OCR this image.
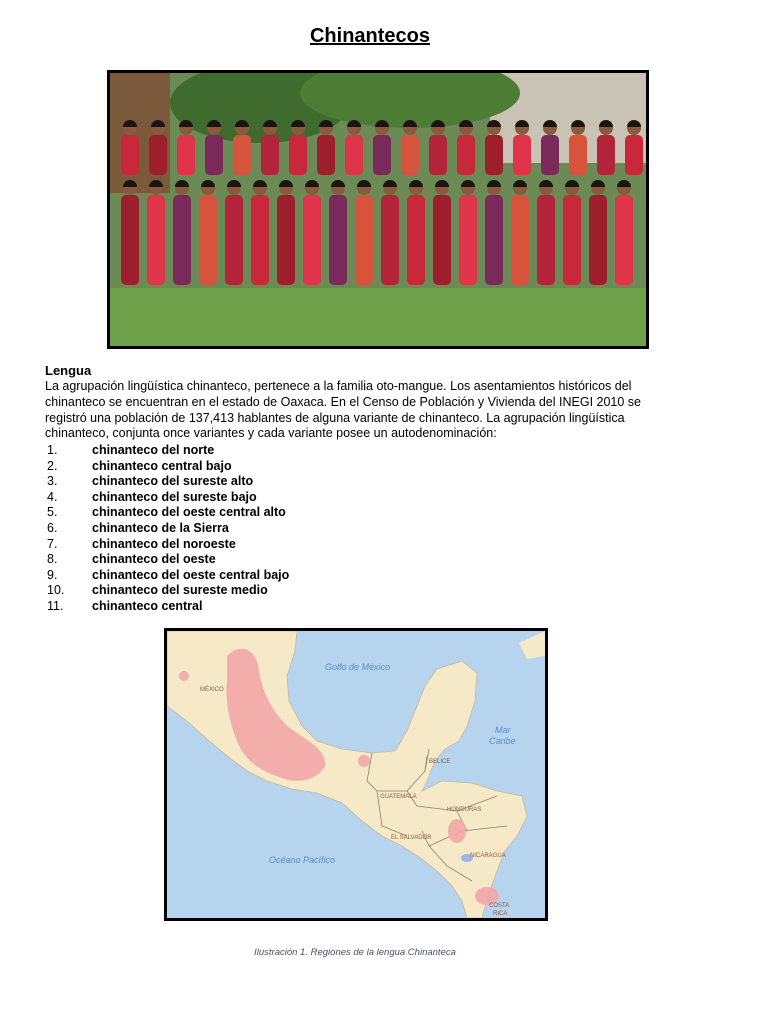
Chinantecos
Lengua

La agrupación lingüística chinanteco, pertenece a la familia oto-mangue. Los asentamientos históricos del chinanteco se encuentran en el estado de Oaxaca. En el Censo de Población y Vivienda del INEGI 2010 se registró una población de 137,413 hablantes de alguna variante de chinanteco. La agrupación lingüística chinanteco, conjunta once variantes y cada variante posee un autodenominación:

1.	chinanteco del norte
2.	chinanteco central bajo
3.	chinanteco del sureste alto
4.	chinanteco del sureste bajo
5.	chinanteco del oeste central alto
6.	chinanteco de la Sierra
7.	chinanteco del noroeste
8.	chinanteco del oeste
9.	chinanteco del oeste central bajo
10.	chinanteco del sureste medio
11.	chinanteco central
Golfo de México
Mar
Caribe
Océano Pacífico
MÉXICO
BELICE
GUATEMALA
HONDURAS
EL SALVADOR
NICARAGUA
COSTA
RICA
Ilustración 1. Regiones de la lengua Chinanteca
